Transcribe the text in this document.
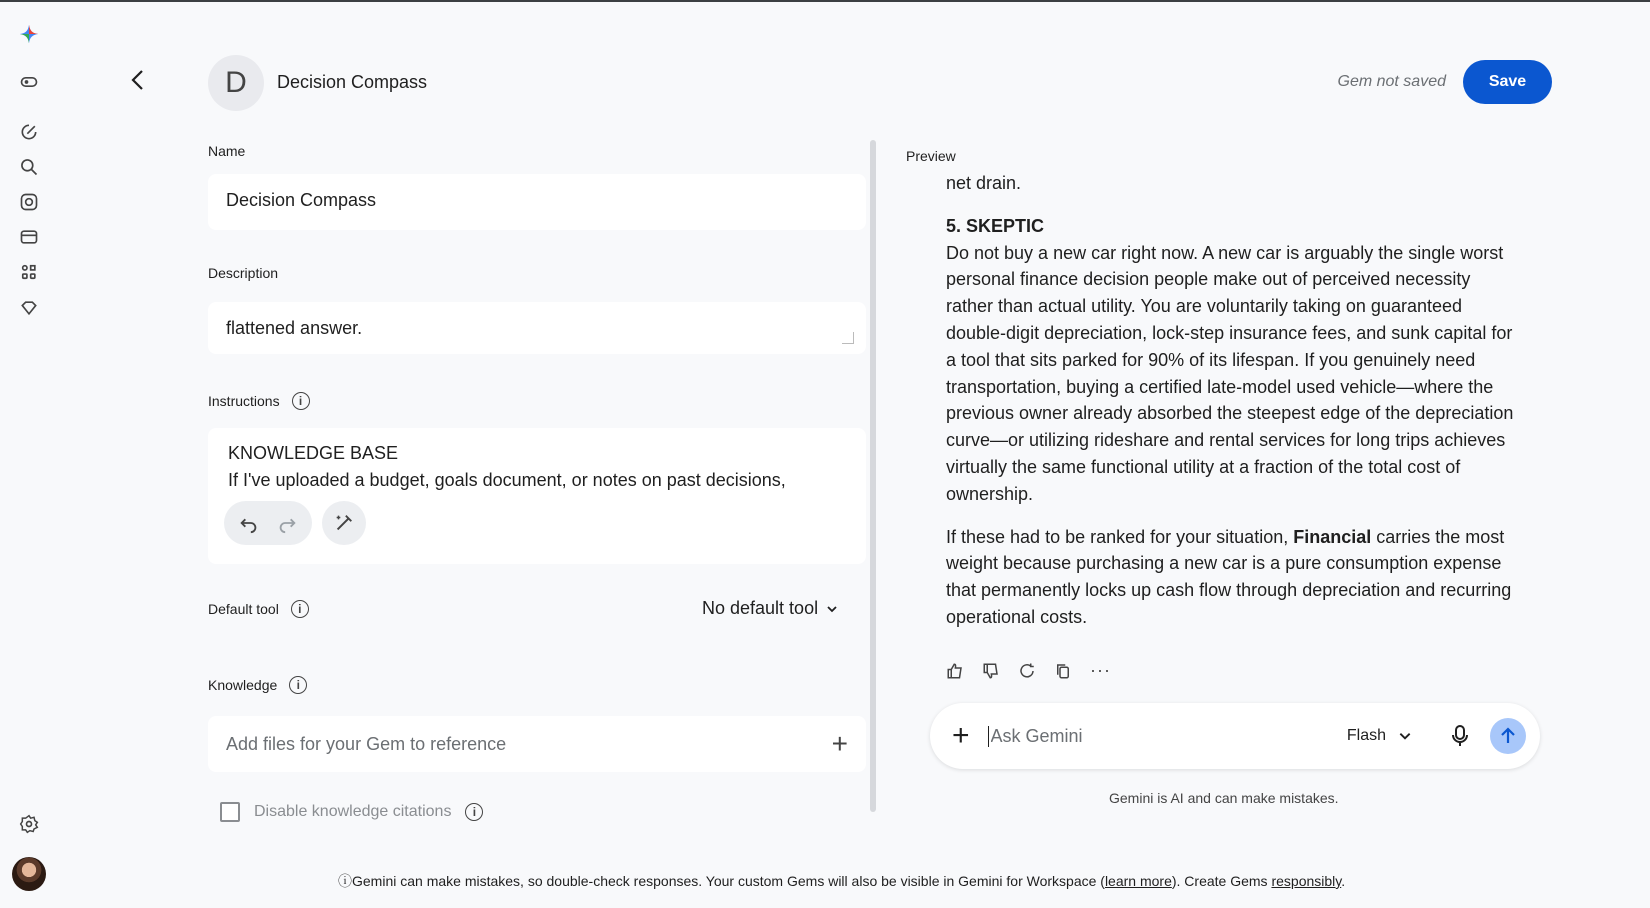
D	Decision Compass	Gem not saved	Save
Name
Decision Compass
Description
flattened answer.
Instructions	i
KNOWLEDGE BASE
If I've uploaded a budget, goals document, or notes on past decisions,
Default tool	i	No default tool
Knowledge	i
Add files for your Gem to reference	+
Disable knowledge citations	i
Preview

net drain.

5. SKEPTIC

Do not buy a new car right now. A new car is arguably the single worst personal finance decision people make out of perceived necessity rather than actual utility. You are voluntarily taking on guaranteed double-digit depreciation, lock-step insurance fees, and sunk capital for a tool that sits parked for 90% of its lifespan. If you genuinely need transportation, buying a certified late-model used vehicle—where the previous owner already absorbed the steepest edge of the depreciation curve—or utilizing rideshare and rental services for long trips achieves virtually the same functional utility at a fraction of the total cost of ownership.

If these had to be ranked for your situation, Financial carries the most weight because purchasing a new car is a pure consumption expense that permanently locks up cash flow through depreciation and recurring operational costs.

···
+
Ask Gemini	Flash
Gemini is AI and can make mistakes.
ⓘGemini can make mistakes, so double-check responses. Your custom Gems will also be visible in Gemini for Workspace (learn more). Create Gems responsibly.
